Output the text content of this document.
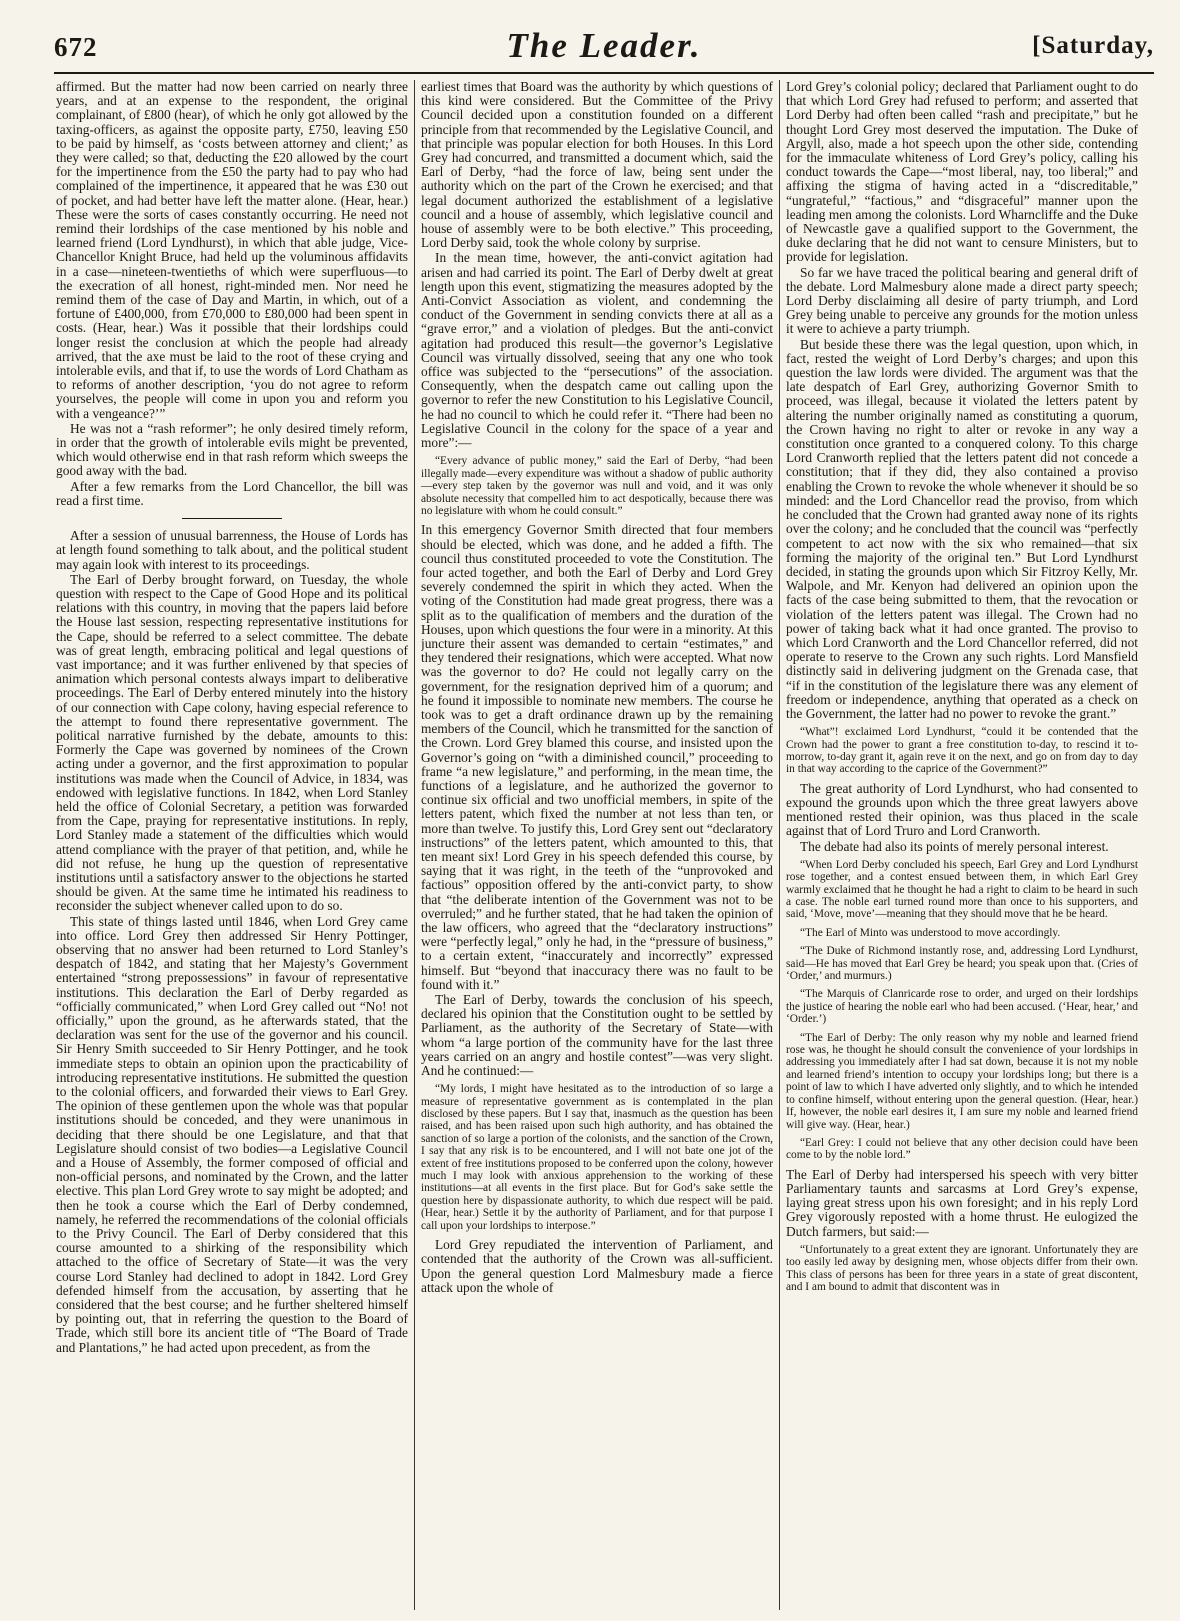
672	The Leader.	[Saturday,

affirmed. But the matter had now been carried on nearly three years, and at an expense to the respondent, the original complainant, of £800 (hear), of which he only got allowed by the taxing-officers, as against the opposite party, £750, leaving £50 to be paid by himself, as ‘costs between attorney and client;’ as they were called; so that, deducting the £20 allowed by the court for the impertinence from the £50 the party had to pay who had complained of the impertinence, it appeared that he was £30 out of pocket, and had better have left the matter alone. (Hear, hear.) These were the sorts of cases constantly occurring. He need not remind their lordships of the case mentioned by his noble and learned friend (Lord Lyndhurst), in which that able judge, Vice-Chancellor Knight Bruce, had held up the voluminous affidavits in a case—nineteen-twentieths of which were superfluous—to the execration of all honest, right-minded men. Nor need he remind them of the case of Day and Martin, in which, out of a fortune of £400,000, from £70,000 to £80,000 had been spent in costs. (Hear, hear.) Was it possible that their lordships could longer resist the conclusion at which the people had already arrived, that the axe must be laid to the root of these crying and intolerable evils, and that if, to use the words of Lord Chatham as to reforms of another description, ‘you do not agree to reform yourselves, the people will come in upon you and reform you with a vengeance?’”

He was not a “rash reformer”; he only desired timely reform, in order that the growth of intolerable evils might be prevented, which would otherwise end in that rash reform which sweeps the good away with the bad.

After a few remarks from the Lord Chancellor, the bill was read a first time.

After a session of unusual barrenness, the House of Lords has at length found something to talk about, and the political student may again look with interest to its proceedings.

The Earl of Derby brought forward, on Tuesday, the whole question with respect to the Cape of Good Hope and its political relations with this country, in moving that the papers laid before the House last session, respecting representative institutions for the Cape, should be referred to a select committee. The debate was of great length, embracing political and legal questions of vast importance; and it was further enlivened by that species of animation which personal contests always impart to deliberative proceedings. The Earl of Derby entered minutely into the history of our connection with Cape colony, having especial reference to the attempt to found there representative government. The political narrative furnished by the debate, amounts to this: Formerly the Cape was governed by nominees of the Crown acting under a governor, and the first approximation to popular institutions was made when the Council of Advice, in 1834, was endowed with legislative functions. In 1842, when Lord Stanley held the office of Colonial Secretary, a petition was forwarded from the Cape, praying for representative institutions. In reply, Lord Stanley made a statement of the difficulties which would attend compliance with the prayer of that petition, and, while he did not refuse, he hung up the question of representative institutions until a satisfactory answer to the objections he started should be given. At the same time he intimated his readiness to reconsider the subject whenever called upon to do so.

This state of things lasted until 1846, when Lord Grey came into office. Lord Grey then addressed Sir Henry Pottinger, observing that no answer had been returned to Lord Stanley’s despatch of 1842, and stating that her Majesty’s Government entertained “strong prepossessions” in favour of representative institutions. This declaration the Earl of Derby regarded as “officially communicated,” when Lord Grey called out “No! not officially,” upon the ground, as he afterwards stated, that the declaration was sent for the use of the governor and his council. Sir Henry Smith succeeded to Sir Henry Pottinger, and he took immediate steps to obtain an opinion upon the practicability of introducing representative institutions. He submitted the question to the colonial officers, and forwarded their views to Earl Grey. The opinion of these gentlemen upon the whole was that popular institutions should be conceded, and they were unanimous in deciding that there should be one Legislature, and that that Legislature should consist of two bodies—a Legislative Council and a House of Assembly, the former composed of official and non-official persons, and nominated by the Crown, and the latter elective. This plan Lord Grey wrote to say might be adopted; and then he took a course which the Earl of Derby condemned, namely, he referred the recommendations of the colonial officials to the Privy Council. The Earl of Derby considered that this course amounted to a shirking of the responsibility which attached to the office of Secretary of State—it was the very course Lord Stanley had declined to adopt in 1842. Lord Grey defended himself from the accusation, by asserting that he considered that the best course; and he further sheltered himself by pointing out, that in referring the question to the Board of Trade, which still bore its ancient title of “The Board of Trade and Plantations,” he had acted upon precedent, as from the

earliest times that Board was the authority by which questions of this kind were considered. But the Committee of the Privy Council decided upon a constitution founded on a different principle from that recommended by the Legislative Council, and that principle was popular election for both Houses. In this Lord Grey had concurred, and transmitted a document which, said the Earl of Derby, “had the force of law, being sent under the authority which on the part of the Crown he exercised; and that legal document authorized the establishment of a legislative council and a house of assembly, which legislative council and house of assembly were to be both elective.” This proceeding, Lord Derby said, took the whole colony by surprise.

In the mean time, however, the anti-convict agitation had arisen and had carried its point. The Earl of Derby dwelt at great length upon this event, stigmatizing the measures adopted by the Anti-Convict Association as violent, and condemning the conduct of the Government in sending convicts there at all as a “grave error,” and a violation of pledges. But the anti-convict agitation had produced this result—the governor’s Legislative Council was virtually dissolved, seeing that any one who took office was subjected to the “persecutions” of the association. Consequently, when the despatch came out calling upon the governor to refer the new Constitution to his Legislative Council, he had no council to which he could refer it. “There had been no Legislative Council in the colony for the space of a year and more”:—

“Every advance of public money,” said the Earl of Derby, “had been illegally made—every expenditure was without a shadow of public authority—every step taken by the governor was null and void, and it was only absolute necessity that compelled him to act despotically, because there was no legislature with whom he could consult.”

In this emergency Governor Smith directed that four members should be elected, which was done, and he added a fifth. The council thus constituted proceeded to vote the Constitution. The four acted together, and both the Earl of Derby and Lord Grey severely condemned the spirit in which they acted. When the voting of the Constitution had made great progress, there was a split as to the qualification of members and the duration of the Houses, upon which questions the four were in a minority. At this juncture their assent was demanded to certain “estimates,” and they tendered their resignations, which were accepted. What now was the governor to do? He could not legally carry on the government, for the resignation deprived him of a quorum; and he found it impossible to nominate new members. The course he took was to get a draft ordinance drawn up by the remaining members of the Council, which he transmitted for the sanction of the Crown. Lord Grey blamed this course, and insisted upon the Governor’s going on “with a diminished council,” proceeding to frame “a new legislature,” and performing, in the mean time, the functions of a legislature, and he authorized the governor to continue six official and two unofficial members, in spite of the letters patent, which fixed the number at not less than ten, or more than twelve. To justify this, Lord Grey sent out “declaratory instructions” of the letters patent, which amounted to this, that ten meant six! Lord Grey in his speech defended this course, by saying that it was right, in the teeth of the “unprovoked and factious” opposition offered by the anti-convict party, to show that “the deliberate intention of the Government was not to be overruled;” and he further stated, that he had taken the opinion of the law officers, who agreed that the “declaratory instructions” were “perfectly legal,” only he had, in the “pressure of business,” to a certain extent, “inaccurately and incorrectly” expressed himself. But “beyond that inaccuracy there was no fault to be found with it.”

The Earl of Derby, towards the conclusion of his speech, declared his opinion that the Constitution ought to be settled by Parliament, as the authority of the Secretary of State—with whom “a large portion of the community have for the last three years carried on an angry and hostile contest”—was very slight. And he continued:—

“My lords, I might have hesitated as to the introduction of so large a measure of representative government as is contemplated in the plan disclosed by these papers. But I say that, inasmuch as the question has been raised, and has been raised upon such high authority, and has obtained the sanction of so large a portion of the colonists, and the sanction of the Crown, I say that any risk is to be encountered, and I will not bate one jot of the extent of free institutions proposed to be conferred upon the colony, however much I may look with anxious apprehension to the working of these institutions—at all events in the first place. But for God’s sake settle the question here by dispassionate authority, to which due respect will be paid. (Hear, hear.) Settle it by the authority of Parliament, and for that purpose I call upon your lordships to interpose.”

Lord Grey repudiated the intervention of Parliament, and contended that the authority of the Crown was all-sufficient. Upon the general question Lord Malmesbury made a fierce attack upon the whole of

Lord Grey’s colonial policy; declared that Parliament ought to do that which Lord Grey had refused to perform; and asserted that Lord Derby had often been called “rash and precipitate,” but he thought Lord Grey most deserved the imputation. The Duke of Argyll, also, made a hot speech upon the other side, contending for the immaculate whiteness of Lord Grey’s policy, calling his conduct towards the Cape—“most liberal, nay, too liberal;” and affixing the stigma of having acted in a “discreditable,” “ungrateful,” “factious,” and “disgraceful” manner upon the leading men among the colonists. Lord Wharncliffe and the Duke of Newcastle gave a qualified support to the Government, the duke declaring that he did not want to censure Ministers, but to provide for legislation.

So far we have traced the political bearing and general drift of the debate. Lord Malmesbury alone made a direct party speech; Lord Derby disclaiming all desire of party triumph, and Lord Grey being unable to perceive any grounds for the motion unless it were to achieve a party triumph.

But beside these there was the legal question, upon which, in fact, rested the weight of Lord Derby’s charges; and upon this question the law lords were divided. The argument was that the late despatch of Earl Grey, authorizing Governor Smith to proceed, was illegal, because it violated the letters patent by altering the number originally named as constituting a quorum, the Crown having no right to alter or revoke in any way a constitution once granted to a conquered colony. To this charge Lord Cranworth replied that the letters patent did not concede a constitution; that if they did, they also contained a proviso enabling the Crown to revoke the whole whenever it should be so minded: and the Lord Chancellor read the proviso, from which he concluded that the Crown had granted away none of its rights over the colony; and he concluded that the council was “perfectly competent to act now with the six who remained—that six forming the majority of the original ten.” But Lord Lyndhurst decided, in stating the grounds upon which Sir Fitzroy Kelly, Mr. Walpole, and Mr. Kenyon had delivered an opinion upon the facts of the case being submitted to them, that the revocation or violation of the letters patent was illegal. The Crown had no power of taking back what it had once granted. The proviso to which Lord Cranworth and the Lord Chancellor referred, did not operate to reserve to the Crown any such rights. Lord Mansfield distinctly said in delivering judgment on the Grenada case, that “if in the constitution of the legislature there was any element of freedom or independence, anything that operated as a check on the Government, the latter had no power to revoke the grant.”

“What”! exclaimed Lord Lyndhurst, “could it be contended that the Crown had the power to grant a free constitution to-day, to rescind it to-morrow, to-day grant it, again reve it on the next, and go on from day to day in that way according to the caprice of the Government?”

The great authority of Lord Lyndhurst, who had consented to expound the grounds upon which the three great lawyers above mentioned rested their opinion, was thus placed in the scale against that of Lord Truro and Lord Cranworth.

The debate had also its points of merely personal interest.

“When Lord Derby concluded his speech, Earl Grey and Lord Lyndhurst rose together, and a contest ensued between them, in which Earl Grey warmly exclaimed that he thought he had a right to claim to be heard in such a case. The noble earl turned round more than once to his supporters, and said, ‘Move, move’—meaning that they should move that he be heard.

“The Earl of Minto was understood to move accordingly.

“The Duke of Richmond instantly rose, and, addressing Lord Lyndhurst, said—He has moved that Earl Grey be heard; you speak upon that. (Cries of ‘Order,’ and murmurs.)

“The Marquis of Clanricarde rose to order, and urged on their lordships the justice of hearing the noble earl who had been accused. (‘Hear, hear,’ and ‘Order.’)

“The Earl of Derby: The only reason why my noble and learned friend rose was, he thought he should consult the convenience of your lordships in addressing you immediately after I had sat down, because it is not my noble and learned friend’s intention to occupy your lordships long; but there is a point of law to which I have adverted only slightly, and to which he intended to confine himself, without entering upon the general question. (Hear, hear.) If, however, the noble earl desires it, I am sure my noble and learned friend will give way. (Hear, hear.)

“Earl Grey: I could not believe that any other decision could have been come to by the noble lord.”

The Earl of Derby had interspersed his speech with very bitter Parliamentary taunts and sarcasms at Lord Grey’s expense, laying great stress upon his own foresight; and in his reply Lord Grey vigorously reposted with a home thrust. He eulogized the Dutch farmers, but said:—

“Unfortunately to a great extent they are ignorant. Unfortunately they are too easily led away by designing men, whose objects differ from their own. This class of persons has been for three years in a state of great discontent, and I am bound to admit that discontent was in
